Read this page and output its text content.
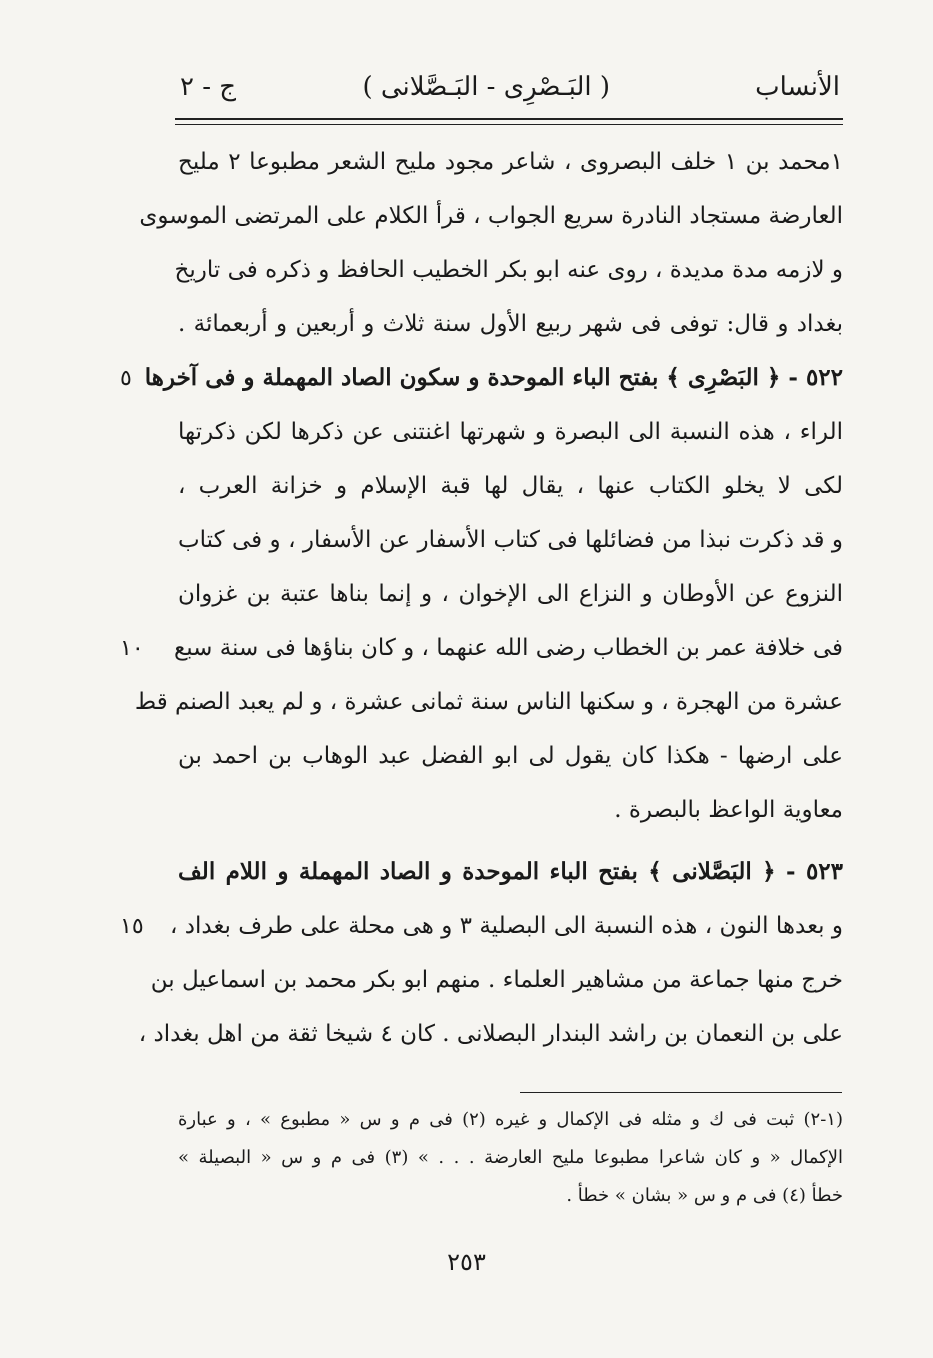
الأنساب
( البَـصْرِى - البَـصَّلانى )
ج - ٢
١محمد بن ١ خلف البصروى ، شاعر مجود مليح الشعر مطبوعا ٢ مليح
العارضة مستجاد النادرة سريع الجواب ، قرأ الكلام على المرتضى الموسوى
و لازمه مدة مديدة ، روى عنه ابو بكر الخطيب الحافظ و ذكره فى تاريخ
بغداد و قال: توفى فى شهر ربيع الأول سنة ثلاث و أربعين و أربعمائة .
٥٢٢ - ﴿ البَصْرِى ﴾ بفتح الباء الموحدة و سكون الصاد المهملة و فى آخرها
الراء ، هذه النسبة الى البصرة و شهرتها اغنتنى عن ذكرها لكن ذكرتها
لكى لا يخلو الكتاب عنها ، يقال لها قبة الإسلام و خزانة العرب ،
و قد ذكرت نبذا من فضائلها فى كتاب الأسفار عن الأسفار ، و فى كتاب
النزوع عن الأوطان و النزاع الى الإخوان ، و إنما بناها عتبة بن غزوان
فى خلافة عمر بن الخطاب رضى الله عنهما ، و كان بناؤها فى سنة سبع
عشرة من الهجرة ، و سكنها الناس سنة ثمانى عشرة ، و لم يعبد الصنم قط
على ارضها - هكذا كان يقول لى ابو الفضل عبد الوهاب بن احمد بن
معاوية الواعظ بالبصرة .
٥٢٣ - ﴿ البَصَّلانى ﴾ بفتح الباء الموحدة و الصاد المهملة و اللام الف
و بعدها النون ، هذه النسبة الى البصلية ٣ و هى محلة على طرف بغداد ،
خرج منها جماعة من مشاهير العلماء . منهم ابو بكر محمد بن اسماعيل بن
على بن النعمان بن راشد البندار البصلانى . كان ٤ شيخا ثقة من اهل بغداد ،
٥
١٠
١٥
(١-٢) ثبت فى ك و مثله فى الإكمال و غيره (٢) فى م و س « مطبوع » ، و عبارة
الإكمال « و كان شاعرا مطبوعا مليح العارضة . . . » (٣) فى م و س « البصيلة »
خطأ (٤) فى م و س « بشان » خطأ .
٢٥٣
